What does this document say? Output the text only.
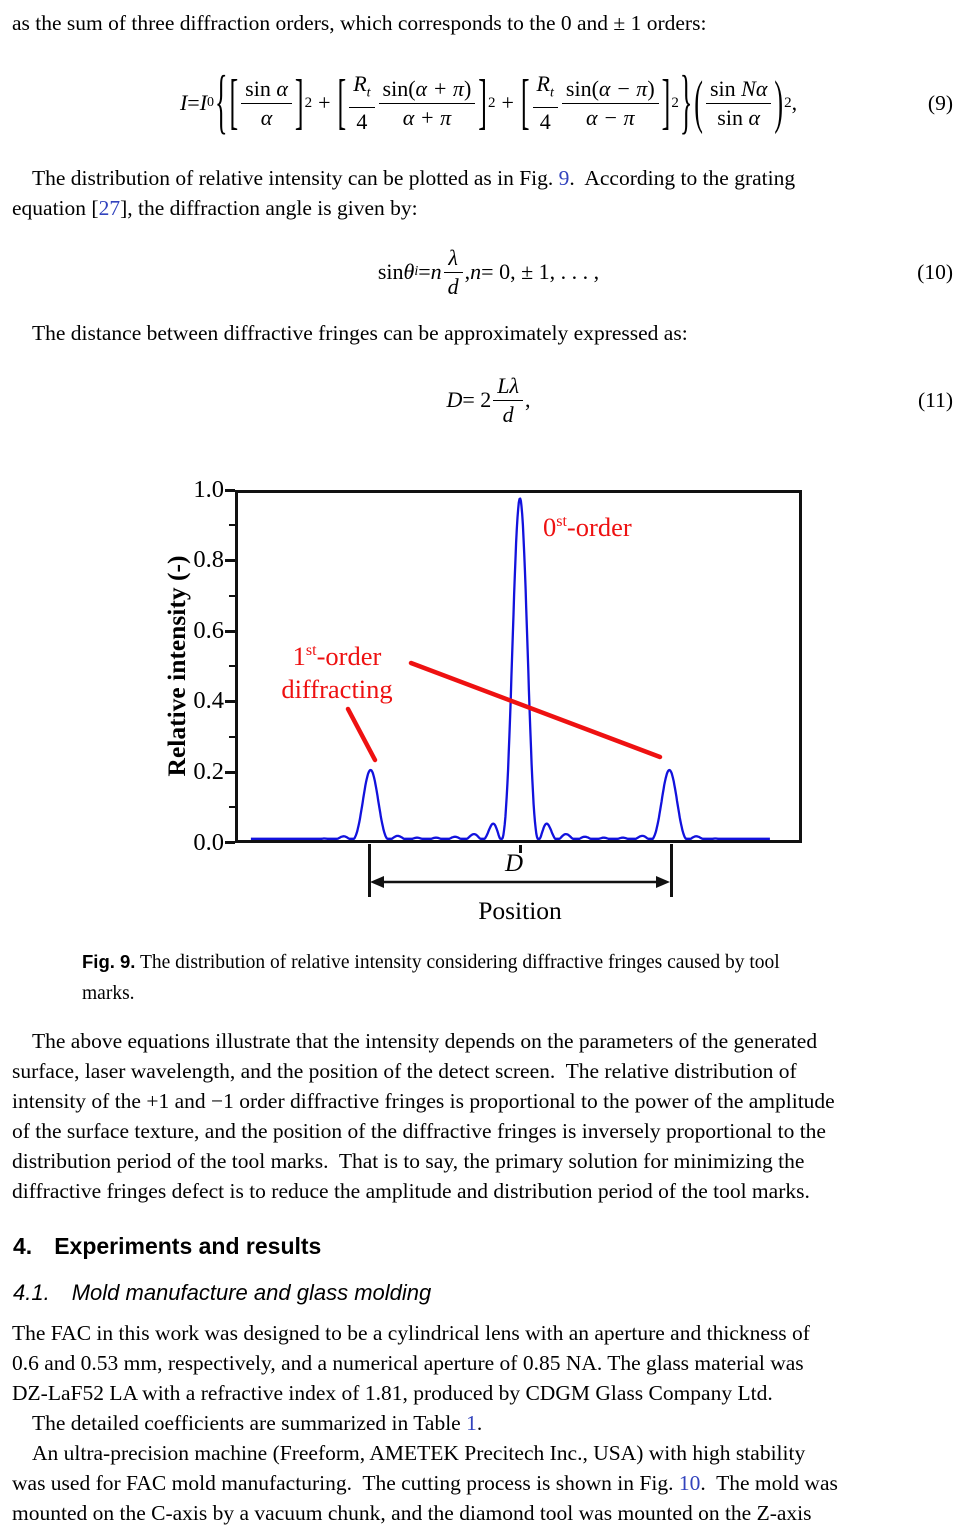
as the sum of three diffraction orders, which corresponds to the 0 and ± 1 orders:
I = I 0 { [ $\frac{\text{sin α}}{\alpha}$ ] 2 + [ $\frac{R_t}{4} \frac{\sin(\alpha + \pi)}{\alpha + \pi}$ ] 2 + [ $\frac{R_t}{4} \frac{\sin(\alpha - \pi)}{\alpha - \pi}$ ] 2 } ( $\frac{\text{sin Nα}}{\text{sin α}}$ ) 2 ,	(9)
The distribution of relative intensity can be plotted as in Fig. 9.  According to the grating
equation [27], the diffraction angle is given by:
sin θ i = n $\frac{\lambda}{d}$ , n = 0, ± 1, . . . ,	(10)
The distance between diffractive fringes can be approximately expressed as:
$D = 2 \frac{L\lambda}{d}$ ,	(11)
Relative intensity (-)
1.0
0.8
0.6
0.4
0.2
0.0
0st-order
1st-order
diffracting
D
Position
Fig. 9. The distribution of relative intensity considering diffractive fringes caused by tool
marks.
The above equations illustrate that the intensity depends on the parameters of the generated
surface, laser wavelength, and the position of the detect screen.  The relative distribution of
intensity of the +1 and −1 order diffractive fringes is proportional to the power of the amplitude
of the surface texture, and the position of the diffractive fringes is inversely proportional to the
distribution period of the tool marks.  That is to say, the primary solution for minimizing the
diffractive fringes defect is to reduce the amplitude and distribution period of the tool marks.
4. Experiments and results
4.1. Mold manufacture and glass molding
The FAC in this work was designed to be a cylindrical lens with an aperture and thickness of
0.6 and 0.53 mm, respectively, and a numerical aperture of 0.85 NA. The glass material was
DZ-LaF52 LA with a refractive index of 1.81, produced by CDGM Glass Company Ltd.
The detailed coefficients are summarized in Table 1.
An ultra-precision machine (Freeform, AMETEK Precitech Inc., USA) with high stability
was used for FAC mold manufacturing.  The cutting process is shown in Fig. 10.  The mold was
mounted on the C-axis by a vacuum chunk, and the diamond tool was mounted on the Z-axis
